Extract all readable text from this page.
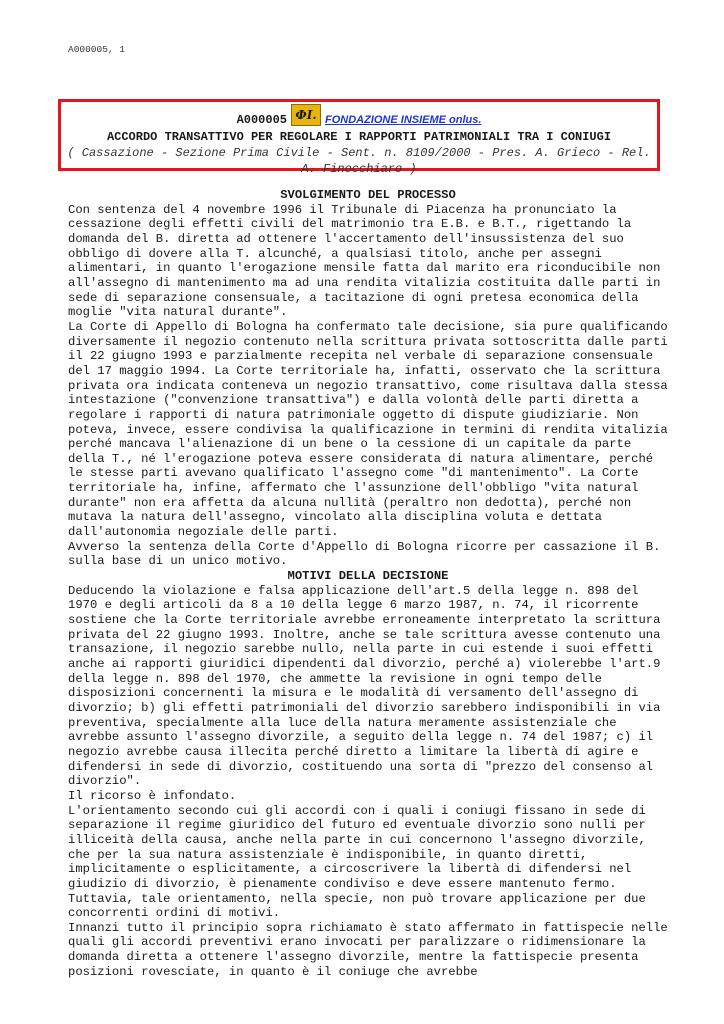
A000005, 1
A000005 ФI. FONDAZIONE INSIEME onlus.
ACCORDO TRANSATTIVO PER REGOLARE I RAPPORTI PATRIMONIALI TRA I CONIUGI
( Cassazione - Sezione Prima Civile - Sent. n. 8109/2000 - Pres. A. Grieco - Rel. A. Finocchiaro )
SVOLGIMENTO DEL PROCESSO

Con sentenza del 4 novembre 1996 il Tribunale di Piacenza ha pronunciato la cessazione degli effetti civili del matrimonio tra E.B. e B.T., rigettando la domanda del B. diretta ad ottenere l'accertamento dell'insussistenza del suo obbligo di dovere alla T. alcunché, a qualsiasi titolo, anche per assegni alimentari, in quanto l'erogazione mensile fatta dal marito era riconducibile non all'assegno di mantenimento ma ad una rendita vitalizia costituita dalle parti in sede di separazione consensuale, a tacitazione di ogni pretesa economica della moglie "vita natural durante".

La Corte di Appello di Bologna ha confermato tale decisione, sia pure qualificando diversamente il negozio contenuto nella scrittura privata sottoscritta dalle parti il 22 giugno 1993 e parzialmente recepita nel verbale di separazione consensuale del 17 maggio 1994. La Corte territoriale ha, infatti, osservato che la scrittura privata ora indicata conteneva un negozio transattivo, come risultava dalla stessa intestazione ("convenzione transattiva") e dalla volontà delle parti diretta a regolare i rapporti di natura patrimoniale oggetto di dispute giudiziarie. Non poteva, invece, essere condivisa la qualificazione in termini di rendita vitalizia perché mancava l'alienazione di un bene o la cessione di un capitale da parte della T., né l'erogazione poteva essere considerata di natura alimentare, perché le stesse parti avevano qualificato l'assegno come "di mantenimento". La Corte territoriale ha, infine, affermato che l'assunzione dell'obbligo "vita natural durante" non era affetta da alcuna nullità (peraltro non dedotta), perché non mutava la natura dell'assegno, vincolato alla disciplina voluta e dettata dall'autonomia negoziale delle parti.

Avverso la sentenza della Corte d'Appello di Bologna ricorre per cassazione il B. sulla base di un unico motivo.

MOTIVI DELLA DECISIONE

Deducendo la violazione e falsa applicazione dell'art.5 della legge n. 898 del 1970 e degli articoli da 8 a 10 della legge 6 marzo 1987, n. 74, il ricorrente sostiene che la Corte territoriale avrebbe erroneamente interpretato la scrittura privata del 22 giugno 1993. Inoltre, anche se tale scrittura avesse contenuto una transazione, il negozio sarebbe nullo, nella parte in cui estende i suoi effetti anche ai rapporti giuridici dipendenti dal divorzio, perché a) violerebbe l'art.9 della legge n. 898 del 1970, che ammette la revisione in ogni tempo delle disposizioni concernenti la misura e le modalità di versamento dell'assegno di divorzio; b) gli effetti patrimoniali del divorzio sarebbero indisponibili in via preventiva, specialmente alla luce della natura meramente assistenziale che avrebbe assunto l'assegno divorzile, a seguito della legge n. 74 del 1987; c) il negozio avrebbe causa illecita perché diretto a limitare la libertà di agire e difendersi in sede di divorzio, costituendo una sorta di "prezzo del consenso al divorzio".

Il ricorso è infondato.

L'orientamento secondo cui gli accordi con i quali i coniugi fissano in sede di separazione il regime giuridico del futuro ed eventuale divorzio sono nulli per illiceità della causa, anche nella parte in cui concernono l'assegno divorzile, che per la sua natura assistenziale è indisponibile, in quanto diretti, implicitamente o esplicitamente, a circoscrivere la libertà di difendersi nel giudizio di divorzio, è pienamente condiviso e deve essere mantenuto fermo. Tuttavia, tale orientamento, nella specie, non può trovare applicazione per due concorrenti ordini di motivi.

Innanzi tutto il principio sopra richiamato è stato affermato in fattispecie nelle quali gli accordi preventivi erano invocati per paralizzare o ridimensionare la domanda diretta a ottenere l'assegno divorzile, mentre la fattispecie presenta posizioni rovesciate, in quanto è il coniuge che avrebbe
